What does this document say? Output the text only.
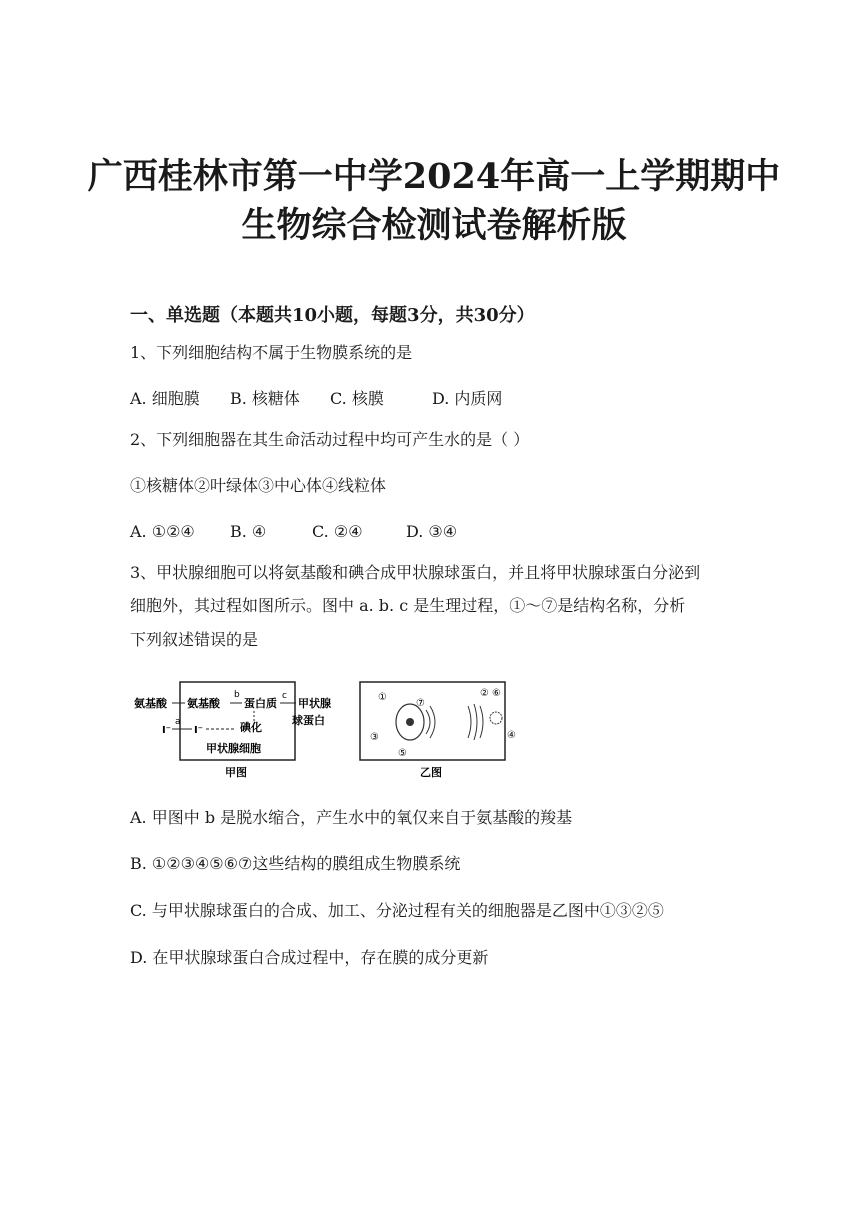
广西桂林市第一中学2024年高一上学期期中
生物综合检测试卷解析版
一、单选题（本题共10小题，每题3分，共30分）
1、下列细胞结构不属于生物膜系统的是
A. 细胞膜 B. 核糖体 C. 核膜	D. 内质网
2、下列细胞器在其生命活动过程中均可产生水的是（ ）
①核糖体②叶绿体③中心体④线粒体
A. ①②④ B. ④	C. ②④	D. ③④
3、甲状腺细胞可以将氨基酸和碘合成甲状腺球蛋白，并且将甲状腺球蛋白分泌到
细胞外，其过程如图所示。图中 a. b. c 是生理过程，①～⑦是结构名称，分析
下列叙述错误的是
氨基酸 氨基酸 蛋白质 甲状腺
球蛋白
b	c
a
I⁻ I⁻	碘化
甲状腺细胞
甲图
①	②
③	④
⑤
⑥
⑦
乙图
A. 甲图中 b 是脱水缩合，产生水中的氧仅来自于氨基酸的羧基
B. ①②③④⑤⑥⑦这些结构的膜组成生物膜系统
C. 与甲状腺球蛋白的合成、加工、分泌过程有关的细胞器是乙图中①③②⑤
D. 在甲状腺球蛋白合成过程中，存在膜的成分更新
